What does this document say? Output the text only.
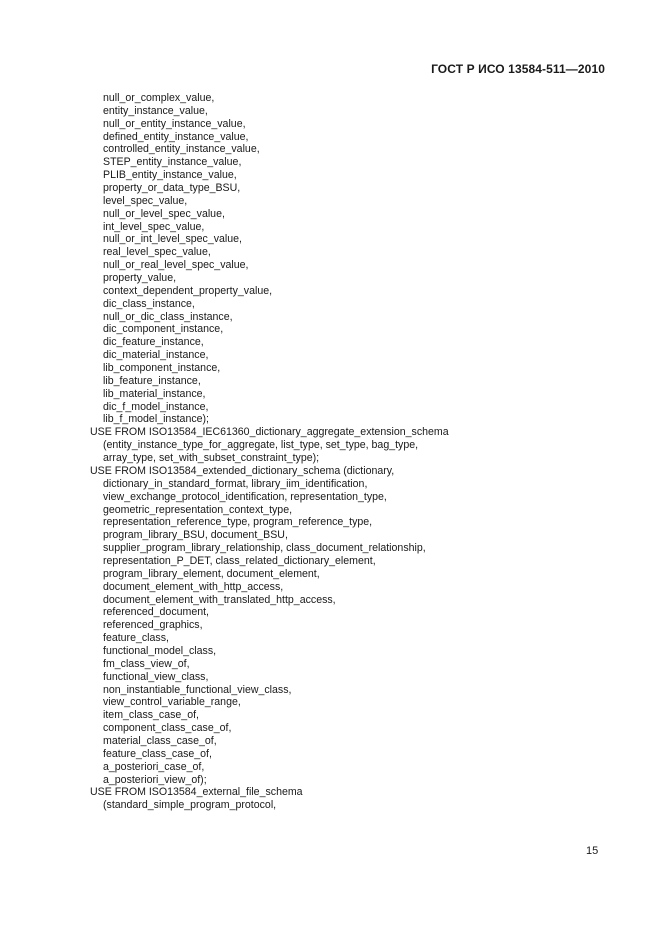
ГОСТ Р ИСО 13584-511—2010
null_or_complex_value,
entity_instance_value,
null_or_entity_instance_value,
defined_entity_instance_value,
controlled_entity_instance_value,
STEP_entity_instance_value,
PLIB_entity_instance_value,
property_or_data_type_BSU,
level_spec_value,
null_or_level_spec_value,
int_level_spec_value,
null_or_int_level_spec_value,
real_level_spec_value,
null_or_real_level_spec_value,
property_value,
context_dependent_property_value,
dic_class_instance,
null_or_dic_class_instance,
dic_component_instance,
dic_feature_instance,
dic_material_instance,
lib_component_instance,
lib_feature_instance,
lib_material_instance,
dic_f_model_instance,
lib_f_model_instance);
USE FROM ISO13584_IEC61360_dictionary_aggregate_extension_schema
(entity_instance_type_for_aggregate, list_type, set_type, bag_type,
array_type, set_with_subset_constraint_type);
USE FROM ISO13584_extended_dictionary_schema (dictionary,
dictionary_in_standard_format, library_iim_identification,
view_exchange_protocol_identification, representation_type,
geometric_representation_context_type,
representation_reference_type, program_reference_type,
program_library_BSU, document_BSU,
supplier_program_library_relationship, class_document_relationship,
representation_P_DET, class_related_dictionary_element,
program_library_element, document_element,
document_element_with_http_access,
document_element_with_translated_http_access,
referenced_document,
referenced_graphics,
feature_class,
functional_model_class,
fm_class_view_of,
functional_view_class,
non_instantiable_functional_view_class,
view_control_variable_range,
item_class_case_of,
component_class_case_of,
material_class_case_of,
feature_class_case_of,
a_posteriori_case_of,
a_posteriori_view_of);
USE FROM ISO13584_external_file_schema
(standard_simple_program_protocol,
15
